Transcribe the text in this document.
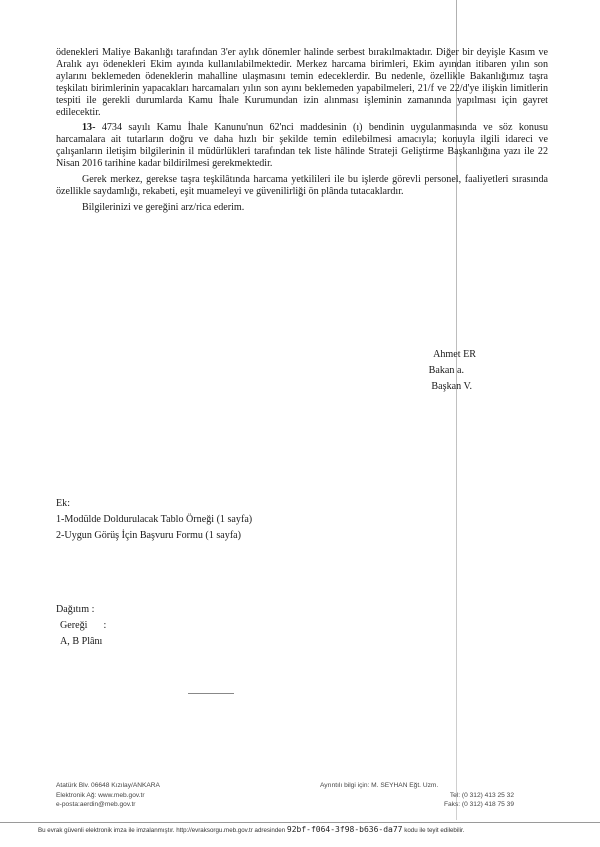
ödenekleri Maliye Bakanlığı tarafından 3'er aylık dönemler halinde serbest bırakılmaktadır. Diğer bir deyişle Kasım ve Aralık ayı ödenekleri Ekim ayında kullanılabilmektedir. Merkez harcama birimleri, Ekim ayından itibaren yılın son aylarını beklemeden ödeneklerin mahalline ulaşmasını temin edeceklerdir. Bu nedenle, özellikle Bakanlığımız taşra teşkilatı birimlerinin yapacakları harcamaları yılın son ayını beklemeden yapabilmeleri, 21/f ve 22/d'ye ilişkin limitlerin tespiti ile gerekli durumlarda Kamu İhale Kurumundan izin alınması işleminin zamanında yapılması için gayret edilecektir.

13- 4734 sayılı Kamu İhale Kanunu'nun 62'nci maddesinin (ı) bendinin uygulanmasında ve söz konusu harcamalara ait tutarların doğru ve daha hızlı bir şekilde temin edilebilmesi amacıyla; konuyla ilgili idareci ve çalışanların iletişim bilgilerinin il müdürlükleri tarafından tek liste hâlinde Strateji Geliştirme Başkanlığına yazı ile 22 Nisan 2016 tarihine kadar bildirilmesi gerekmektedir.

Gerek merkez, gerekse taşra teşkilâtında harcama yetkilileri ile bu işlerde görevli personel, faaliyetleri sırasında özellikle saydamlığı, rekabeti, eşit muameleyi ve güvenilirliği ön plânda tutacaklardır.

Bilgilerinizi ve gereğini arz/rica ederim.

Ahmet ER
Bakan a.
Başkan V.
Ek:
1-Modülde Doldurulacak Tablo Örneği (1 sayfa)
2-Uygun Görüş İçin Başvuru Formu (1 sayfa)
Dağıtım :
Gereği	:
A, B Plânı
Atatürk Blv. 06648 Kızılay/ANKARA
Elektronik Ağ: www.meb.gov.tr
e-posta:aerdin@meb.gov.tr
Ayrıntılı bilgi için: M. SEYHAN Eğt. Uzm.
Tel: (0 312) 413 25 32
Faks: (0 312) 418 75 39
Bu evrak güvenli elektronik imza ile imzalanmıştır. http://evraksorgu.meb.gov.tr adresinden 92bf-f064-3f98-b636-da77 kodu ile teyit edilebilir.
